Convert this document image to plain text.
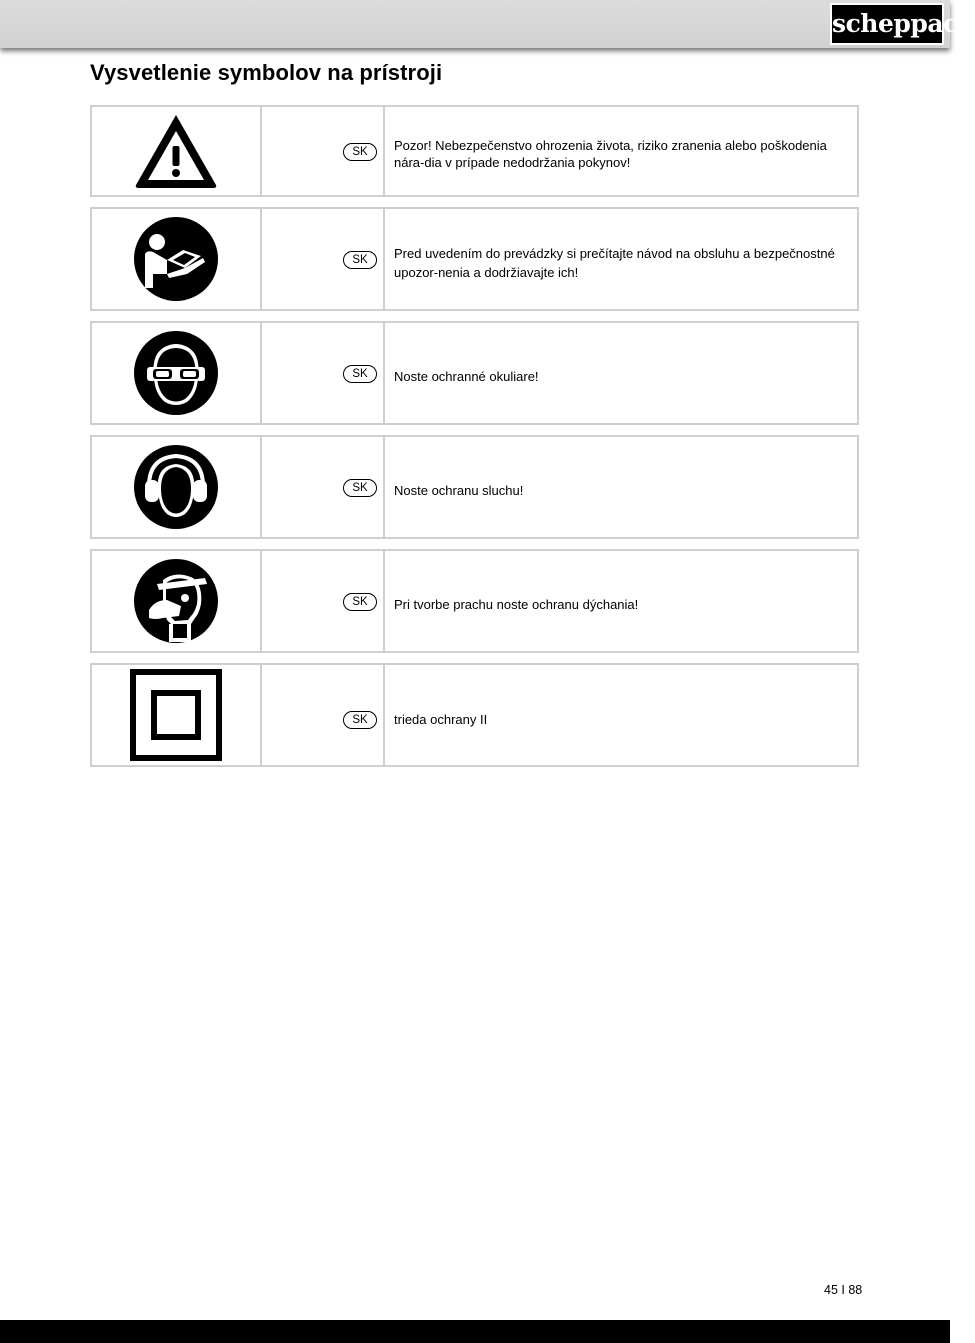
scheppach
Vysvetlenie symbolov na prístroji
SK	Pozor! Nebezpečenstvo ohrozenia života, riziko zranenia alebo poškodenia nára-dia v prípade nedodržania pokynov!
SK	Pred uvedením do prevádzky si prečítajte návod na obsluhu a bezpečnostné upozor-nenia a dodržiavajte ich!
SK	Noste ochranné okuliare!
SK	Noste ochranu sluchu!
SK	Pri tvorbe prachu noste ochranu dýchania!
SK	trieda ochrany II
45 I 88
